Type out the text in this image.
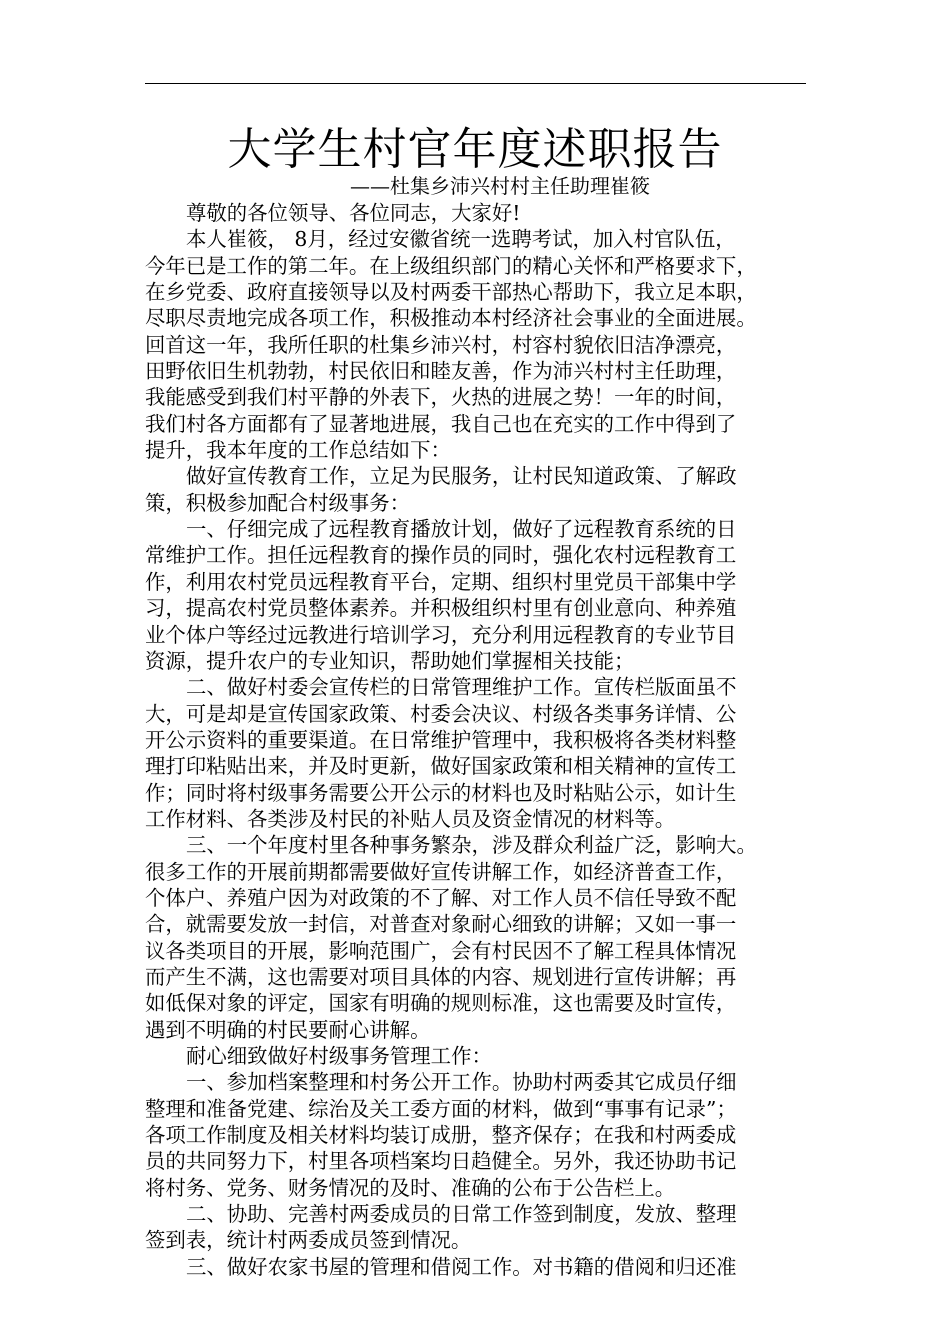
大学生村官年度述职报告
——杜集乡沛兴村村主任助理崔筱
尊敬的各位领导、各位同志，大家好!
本人崔筱， 8月，经过安徽省统一选聘考试，加入村官队伍，
今年已是工作的第二年。在上级组织部门的精心关怀和严格要求下，
在乡党委、政府直接领导以及村两委干部热心帮助下，我立足本职，
尽职尽责地完成各项工作，积极推动本村经济社会事业的全面进展。
回首这一年，我所任职的杜集乡沛兴村，村容村貌依旧洁净漂亮，
田野依旧生机勃勃，村民依旧和睦友善，作为沛兴村村主任助理，
我能感受到我们村平静的外表下，火热的进展之势！一年的时间，
我们村各方面都有了显著地进展，我自己也在充实的工作中得到了
提升，我本年度的工作总结如下：
做好宣传教育工作，立足为民服务，让村民知道政策、了解政
策，积极参加配合村级事务：
一、仔细完成了远程教育播放计划，做好了远程教育系统的日
常维护工作。担任远程教育的操作员的同时，强化农村远程教育工
作，利用农村党员远程教育平台，定期、组织村里党员干部集中学
习，提高农村党员整体素养。并积极组织村里有创业意向、种养殖
业个体户等经过远教进行培训学习，充分利用远程教育的专业节目
资源，提升农户的专业知识，帮助她们掌握相关技能；
二、做好村委会宣传栏的日常管理维护工作。宣传栏版面虽不
大，可是却是宣传国家政策、村委会决议、村级各类事务详情、公
开公示资料的重要渠道。在日常维护管理中，我积极将各类材料整
理打印粘贴出来，并及时更新，做好国家政策和相关精神的宣传工
作；同时将村级事务需要公开公示的材料也及时粘贴公示，如计生
工作材料、各类涉及村民的补贴人员及资金情况的材料等。
三、一个年度村里各种事务繁杂，涉及群众利益广泛，影响大。
很多工作的开展前期都需要做好宣传讲解工作，如经济普查工作，
个体户、养殖户因为对政策的不了解、对工作人员不信任导致不配
合，就需要发放一封信，对普查对象耐心细致的讲解；又如一事一
议各类项目的开展，影响范围广，会有村民因不了解工程具体情况
而产生不满，这也需要对项目具体的内容、规划进行宣传讲解；再
如低保对象的评定，国家有明确的规则标准，这也需要及时宣传，
遇到不明确的村民要耐心讲解。
耐心细致做好村级事务管理工作：
一、参加档案整理和村务公开工作。协助村两委其它成员仔细
整理和准备党建、综治及关工委方面的材料，做到“事事有记录”；
各项工作制度及相关材料均装订成册，整齐保存；在我和村两委成
员的共同努力下，村里各项档案均日趋健全。另外，我还协助书记
将村务、党务、财务情况的及时、准确的公布于公告栏上。
二、协助、完善村两委成员的日常工作签到制度，发放、整理
签到表，统计村两委成员签到情况。
三、做好农家书屋的管理和借阅工作。对书籍的借阅和归还准
